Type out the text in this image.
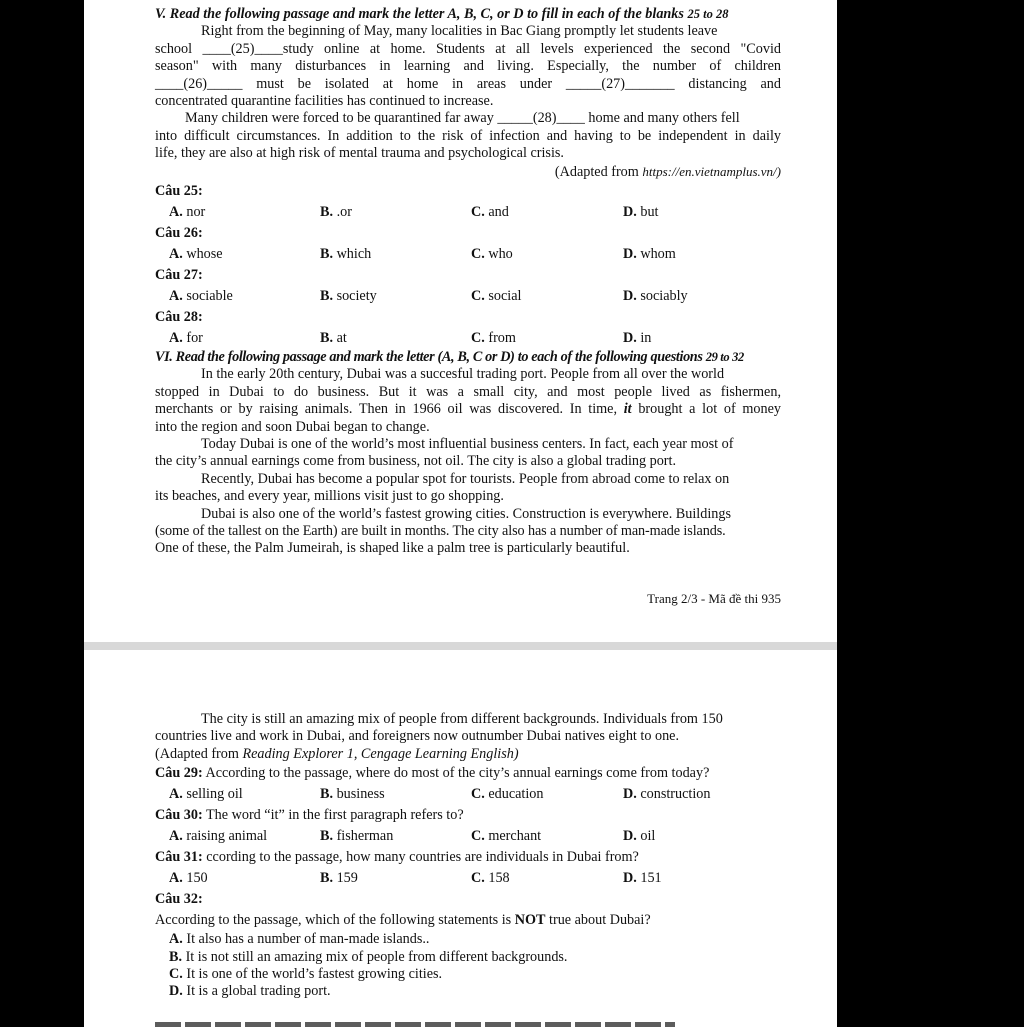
V. Read the following passage and mark the letter A, B, C, or D to fill in each of the blanks 25 to 28

Right from the beginning of May, many localities in Bac Giang promptly let students leave

school ____(25)____study online at home. Students at all levels experienced the second "Covid

season" with many disturbances in learning and living. Especially, the number of children

____(26)_____ must be isolated at home in areas under _____(27)_______ distancing and

concentrated quarantine facilities has continued to increase.

Many children were forced to be quarantined far away _____(28)____ home and many others fell

into difficult circumstances. In addition to the risk of infection and having to be independent in daily

life, they are also at high risk of mental trauma and psychological crisis.

(Adapted from https://en.vietnamplus.vn/)

Câu 25:

A. nor	B. .or	C. and	D. but

Câu 26:

A. whose	B. which	C. who	D. whom

Câu 27:

A. sociable	B. society	C. social	D. sociably

Câu 28:

A. for	B. at	C. from	D. in

VI. Read the following passage and mark the letter (A, B, C or D) to each of the following questions 29 to 32

In the early 20th century, Dubai was a succesful trading port. People from all over the world

stopped in Dubai to do business. But it was a small city, and most people lived as fishermen,

merchants or by raising animals. Then in 1966 oil was discovered. In time, it brought a lot of money

into the region and soon Dubai began to change.

Today Dubai is one of the world’s most influential business centers. In fact, each year most of

the city’s annual earnings come from business, not oil. The city is also a global trading port.

Recently, Dubai has become a popular spot for tourists. People from abroad come to relax on

its beaches, and every year, millions visit just to go shopping.

Dubai is also one of the world’s fastest growing cities. Construction is everywhere. Buildings

(some of the tallest on the Earth) are built in months. The city also has a number of man-made islands.

One of these, the Palm Jumeirah, is shaped like a palm tree is particularly beautiful.

Trang 2/3 - Mã đề thi 935

The city is still an amazing mix of people from different backgrounds. Individuals from 150

countries live and work in Dubai, and foreigners now outnumber Dubai natives eight to one.

(Adapted from Reading Explorer 1, Cengage Learning English)

Câu 29: According to the passage, where do most of the city’s annual earnings come from today?

A. selling oil	B. business	C. education	D. construction

Câu 30: The word “it” in the first paragraph refers to?

A. raising animal	B. fisherman	C. merchant	D. oil

Câu 31: ccording to the passage, how many countries are individuals in Dubai from?

A. 150	B. 159	C. 158	D. 151

Câu 32:

According to the passage, which of the following statements is NOT true about Dubai?

A. It also has a number of man-made islands..

B. It is not still an amazing mix of people from different backgrounds.

C. It is one of the world’s fastest growing cities.

D. It is a global trading port.
